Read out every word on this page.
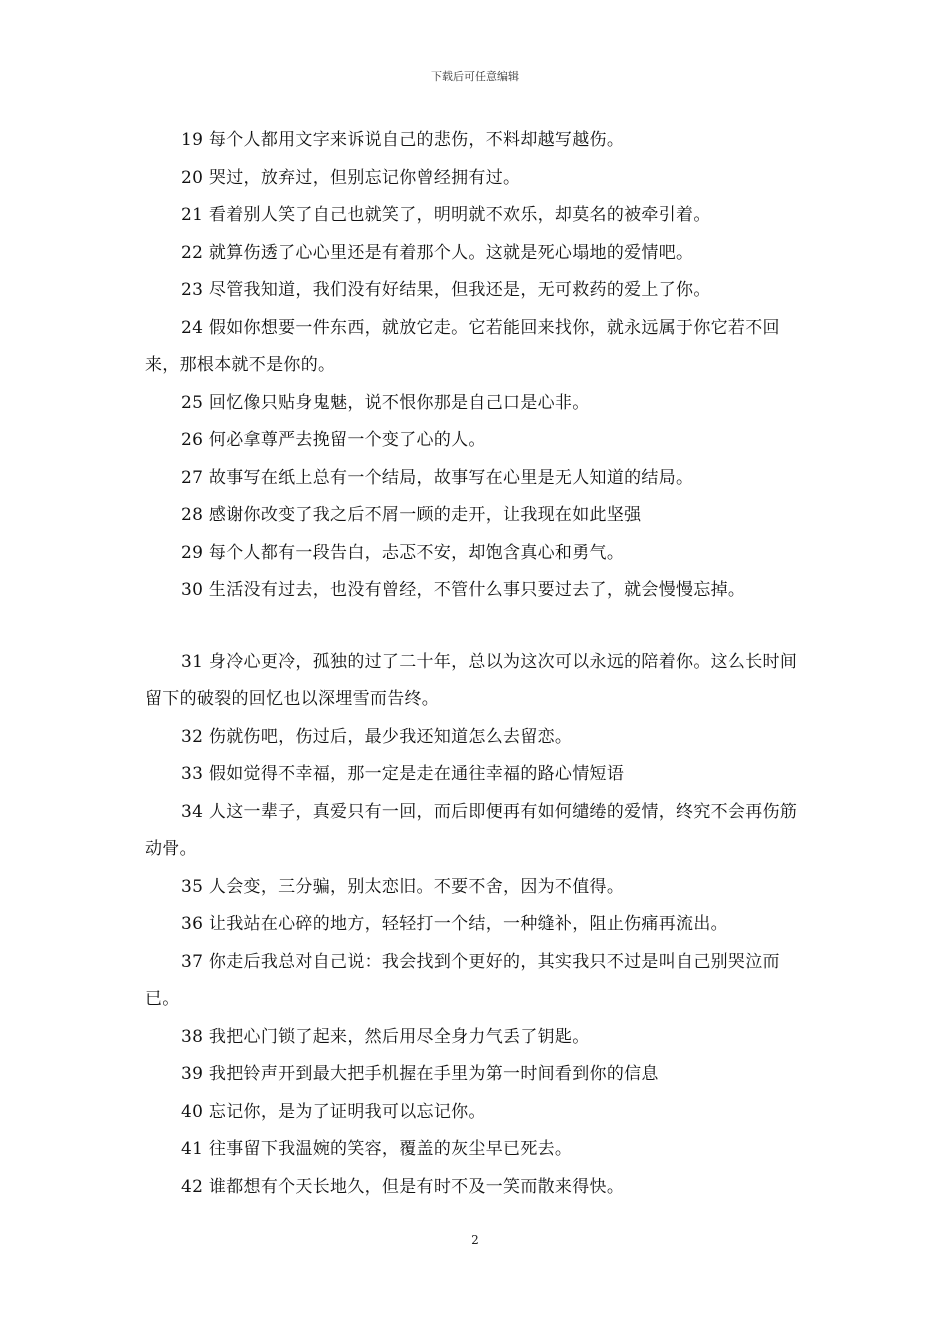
下载后可任意编辑

19 每个人都用文字来诉说自己的悲伤，不料却越写越伤。

20 哭过，放弃过，但别忘记你曾经拥有过。

21 看着别人笑了自己也就笑了，明明就不欢乐，却莫名的被牵引着。

22 就算伤透了心心里还是有着那个人。这就是死心塌地的爱情吧。

23 尽管我知道，我们没有好结果，但我还是，无可救药的爱上了你。

24 假如你想要一件东西，就放它走。它若能回来找你，就永远属于你它若不回来，那根本就不是你的。

25 回忆像只贴身鬼魅，说不恨你那是自己口是心非。

26 何必拿尊严去挽留一个变了心的人。

27 故事写在纸上总有一个结局，故事写在心里是无人知道的结局。

28 感谢你改变了我之后不屑一顾的走开，让我现在如此坚强

29 每个人都有一段告白，忐忑不安，却饱含真心和勇气。

30 生活没有过去，也没有曾经，不管什么事只要过去了，就会慢慢忘掉。

31 身冷心更冷，孤独的过了二十年，总以为这次可以永远的陪着你。这么长时间留下的破裂的回忆也以深埋雪而告终。

32 伤就伤吧，伤过后，最少我还知道怎么去留恋。

33 假如觉得不幸福，那一定是走在通往幸福的路心情短语

34 人这一辈子，真爱只有一回，而后即便再有如何缱绻的爱情，终究不会再伤筋动骨。

35 人会变，三分骗，别太恋旧。不要不舍，因为不值得。

36 让我站在心碎的地方，轻轻打一个结，一种缝补，阻止伤痛再流出。

37 你走后我总对自己说：我会找到个更好的，其实我只不过是叫自己别哭泣而已。

38 我把心门锁了起来，然后用尽全身力气丢了钥匙。

39 我把铃声开到最大把手机握在手里为第一时间看到你的信息

40 忘记你，是为了证明我可以忘记你。

41 往事留下我温婉的笑容，覆盖的灰尘早已死去。

42 谁都想有个天长地久，但是有时不及一笑而散来得快。

2
